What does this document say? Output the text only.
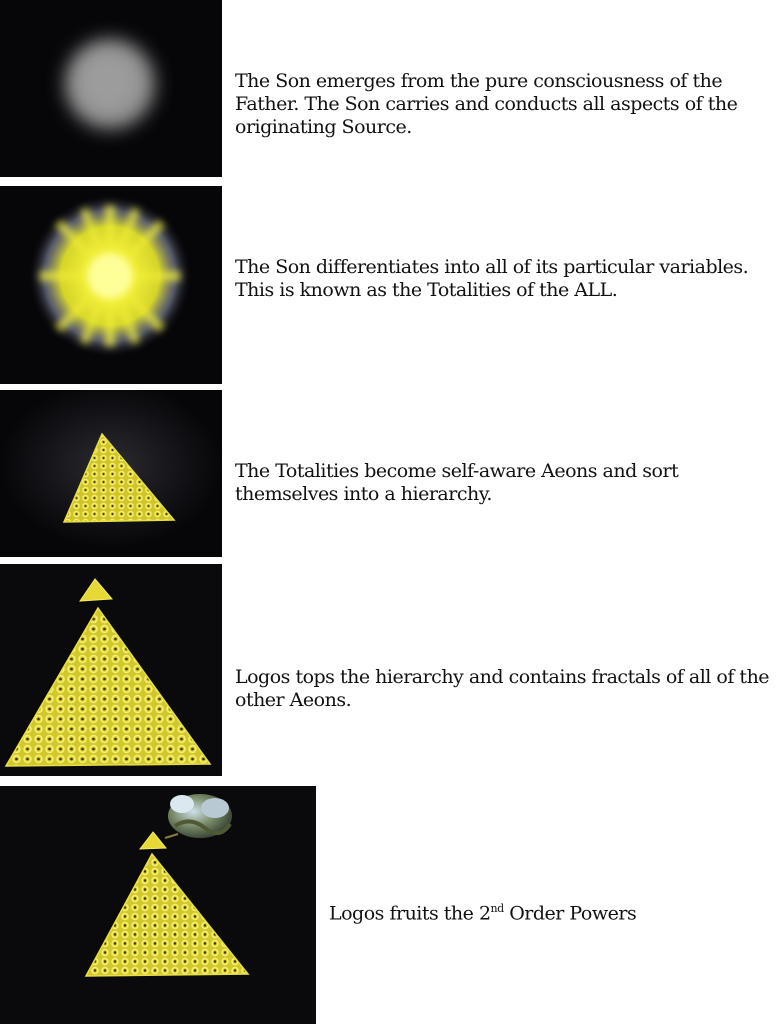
The Son emerges from the pure consciousness of the Father. The Son carries and conducts all aspects of the originating Source.
The Son differentiates into all of its particular variables. This is known as the Totalities of the ALL.
The Totalities become self-aware Aeons and sort themselves into a hierarchy.
Logos tops the hierarchy and contains fractals of all of the other Aeons.
Logos fruits the 2nd Order Powers
